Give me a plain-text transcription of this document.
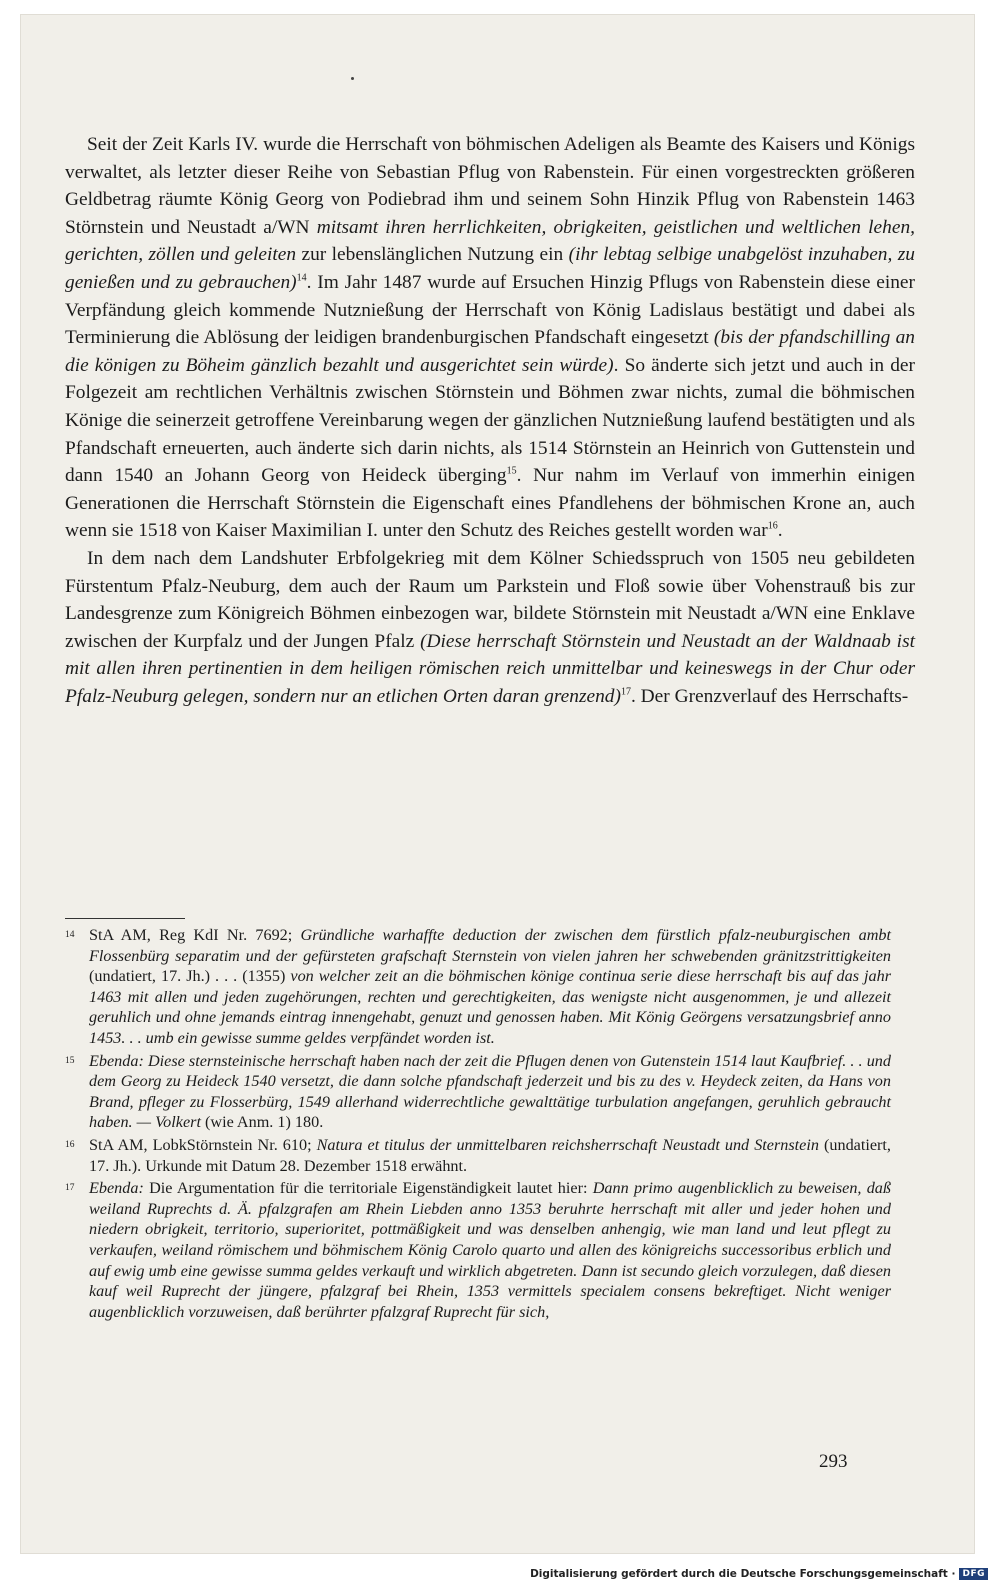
Seit der Zeit Karls IV. wurde die Herrschaft von böhmischen Adeligen als Beamte des Kaisers und Königs verwaltet, als letzter dieser Reihe von Sebastian Pflug von Rabenstein. Für einen vorgestreckten größeren Geldbetrag räumte König Georg von Podiebrad ihm und seinem Sohn Hinzik Pflug von Rabenstein 1463 Störnstein und Neustadt a/WN mitsamt ihren herrlichkeiten, obrigkeiten, geistlichen und weltlichen lehen, gerichten, zöllen und geleiten zur lebenslänglichen Nutzung ein (ihr lebtag selbige unabgelöst inzuhaben, zu genießen und zu gebrauchen)$^{14}$. Im Jahr 1487 wurde auf Ersuchen Hinzig Pflugs von Rabenstein diese einer Verpfändung gleich kommende Nutznießung der Herrschaft von König Ladislaus bestätigt und dabei als Terminierung die Ablösung der leidigen brandenburgischen Pfandschaft eingesetzt (bis der pfandschilling an die königen zu Böheim gänzlich bezahlt und ausgerichtet sein würde). So änderte sich jetzt und auch in der Folgezeit am rechtlichen Verhältnis zwischen Störnstein und Böhmen zwar nichts, zumal die böhmischen Könige die seinerzeit getroffene Vereinbarung wegen der gänzlichen Nutznießung laufend bestätigten und als Pfandschaft erneuerten, auch änderte sich darin nichts, als 1514 Störnstein an Heinrich von Guttenstein und dann 1540 an Johann Georg von Heideck überging$^{15}$. Nur nahm im Verlauf von immerhin einigen Generationen die Herrschaft Störnstein die Eigenschaft eines Pfandlehens der böhmischen Krone an, auch wenn sie 1518 von Kaiser Maximilian I. unter den Schutz des Reiches gestellt worden war$^{16}$.

In dem nach dem Landshuter Erbfolgekrieg mit dem Kölner Schiedsspruch von 1505 neu gebildeten Fürstentum Pfalz-Neuburg, dem auch der Raum um Parkstein und Floß sowie über Vohenstrauß bis zur Landesgrenze zum Königreich Böhmen einbezogen war, bildete Störnstein mit Neustadt a/WN eine Enklave zwischen der Kurpfalz und der Jungen Pfalz (Diese herrschaft Störnstein und Neustadt an der Waldnaab ist mit allen ihren pertinentien in dem heiligen römischen reich unmittelbar und keineswegs in der Chur oder Pfalz-Neuburg gelegen, sondern nur an etlichen Orten daran grenzend)$^{17}$. Der Grenzverlauf des Herrschafts-

14 StA AM, Reg KdI Nr. 7692; Gründliche warhaffte deduction der zwischen dem fürstlich pfalz-neuburgischen ambt Flossenbürg separatim und der gefürsteten grafschaft Sternstein von vielen jahren her schwebenden gränitzstrittigkeiten (undatiert, 17. Jh.) . . . (1355) von welcher zeit an die böhmischen könige continua serie diese herrschaft bis auf das jahr 1463 mit allen und jeden zugehörungen, rechten und gerechtigkeiten, das wenigste nicht ausgenommen, je und allezeit geruhlich und ohne jemands eintrag innengehabt, genuzt und genossen haben. Mit König Geörgens versatzungsbrief anno 1453. . . umb ein gewisse summe geldes verpfändet worden ist.
15 Ebenda: Diese sternsteinische herrschaft haben nach der zeit die Pflugen denen von Gutenstein 1514 laut Kaufbrief. . . und dem Georg zu Heideck 1540 versetzt, die dann solche pfandschaft jederzeit und bis zu des v. Heydeck zeiten, da Hans von Brand, pfleger zu Flosserbürg, 1549 allerhand widerrechtliche gewalttätige turbulation angefangen, geruhlich gebraucht haben. — Volkert (wie Anm. 1) 180.
16 StA AM, LobkStörnstein Nr. 610; Natura et titulus der unmittelbaren reichsherrschaft Neustadt und Sternstein (undatiert, 17. Jh.). Urkunde mit Datum 28. Dezember 1518 erwähnt.
17 Ebenda: Die Argumentation für die territoriale Eigenständigkeit lautet hier: Dann primo augenblicklich zu beweisen, daß weiland Ruprechts d. Ä. pfalzgrafen am Rhein Liebden anno 1353 beruhrte herrschaft mit aller und jeder hohen und niedern obrigkeit, territorio, superioritet, pottmäßigkeit und was denselben anhengig, wie man land und leut pflegt zu verkaufen, weiland römischem und böhmischem König Carolo quarto und allen des königreichs successoribus erblich und auf ewig umb eine gewisse summa geldes verkauft und wirklich abgetreten. Dann ist secundo gleich vorzulegen, daß diesen kauf weil Ruprecht der jüngere, pfalzgraf bei Rhein, 1353 vermittels specialem consens bekreftiget. Nicht weniger augenblicklich vorzuweisen, daß berührter pfalzgraf Ruprecht für sich,
293
Digitalisierung gefördert durch die Deutsche Forschungsgemeinschaft · DFG
